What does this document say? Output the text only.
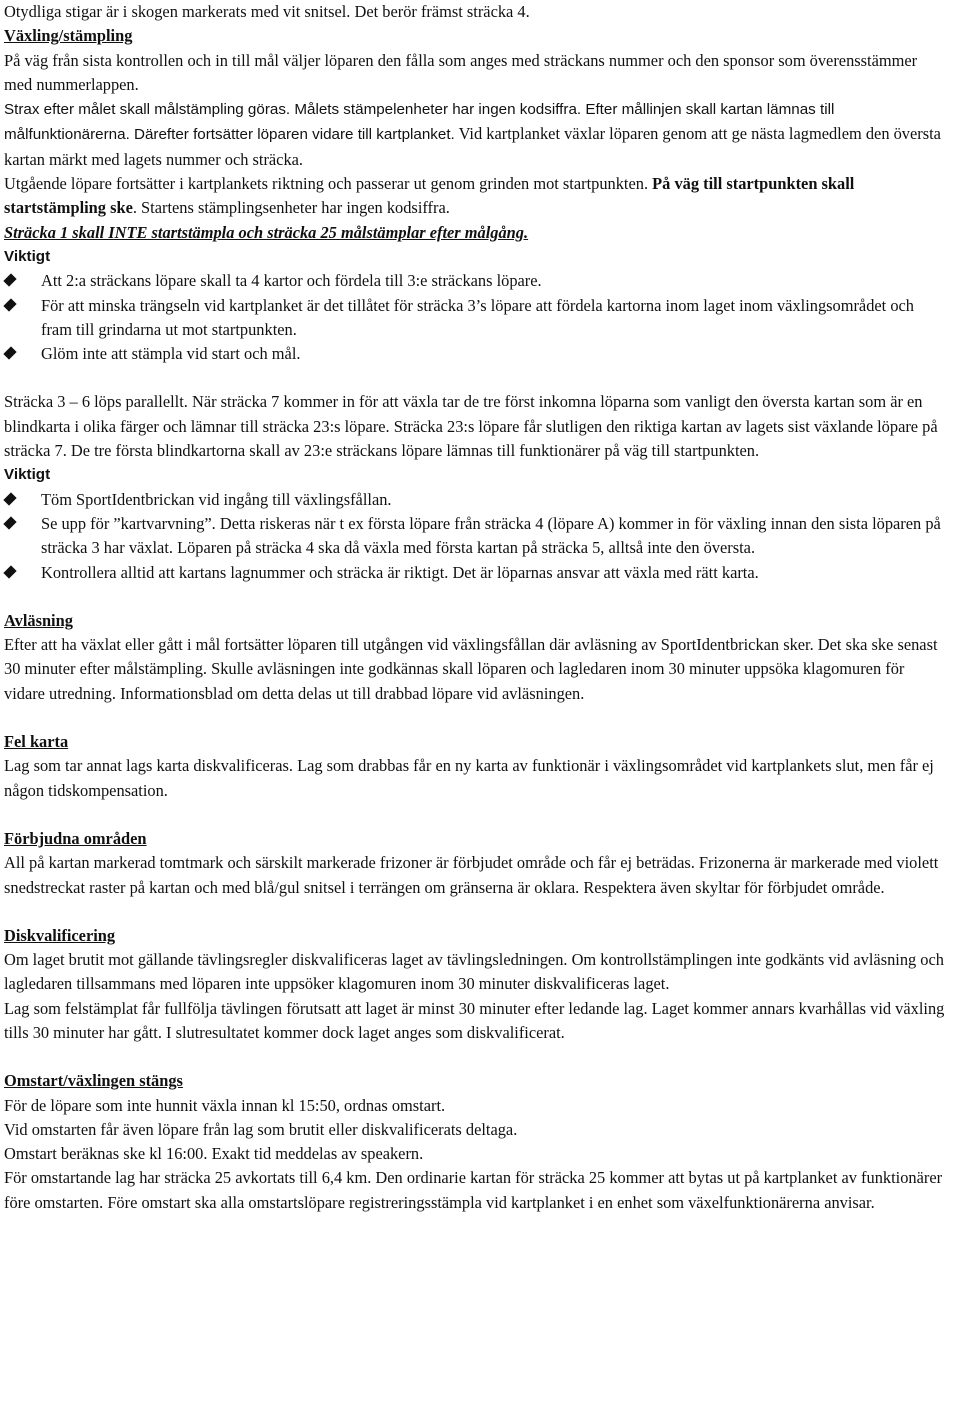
Otydliga stigar är i skogen markerats med vit snitsel. Det berör främst sträcka 4.

Växling/stämpling

På väg från sista kontrollen och in till mål väljer löparen den fålla som anges med sträckans nummer och den sponsor som överensstämmer med nummerlappen.

Strax efter målet skall målstämpling göras. Målets stämpelenheter har ingen kodsiffra. Efter mållinjen skall kartan lämnas till målfunktionärerna. Därefter fortsätter löparen vidare till kartplanket. Vid kartplanket växlar löparen genom att ge nästa lagmedlem den översta kartan märkt med lagets nummer och sträcka.

Utgående löpare fortsätter i kartplankets riktning och passerar ut genom grinden mot startpunkten. På väg till startpunkten skall startstämpling ske. Startens stämplingsenheter har ingen kodsiffra.

Sträcka 1 skall INTE startstämpla och sträcka 25 målstämplar efter målgång.

Viktigt

Att 2:a sträckans löpare skall ta 4 kartor och fördela till 3:e sträckans löpare.
För att minska trängseln vid kartplanket är det tillåtet för sträcka 3’s löpare att fördela kartorna inom laget inom växlingsområdet och fram till grindarna ut mot startpunkten.
Glöm inte att stämpla vid start och mål.

Sträcka 3 – 6 löps parallellt. När sträcka 7 kommer in för att växla tar de tre först inkomna löparna som vanligt den översta kartan som är en blindkarta i olika färger och lämnar till sträcka 23:s löpare. Sträcka 23:s löpare får slutligen den riktiga kartan av lagets sist växlande löpare på sträcka 7. De tre första blindkartorna skall av 23:e sträckans löpare lämnas till funktionärer på väg till startpunkten.

Viktigt

Töm SportIdentbrickan vid ingång till växlingsfållan.
Se upp för ”kartvarvning”. Detta riskeras när t ex första löpare från sträcka 4 (löpare A) kommer in för växling innan den sista löparen på sträcka 3 har växlat. Löparen på sträcka 4 ska då växla med första kartan på sträcka 5, alltså inte den översta.
Kontrollera alltid att kartans lagnummer och sträcka är riktigt. Det är löparnas ansvar att växla med rätt karta.

Avläsning

Efter att ha växlat eller gått i mål fortsätter löparen till utgången vid växlingsfållan där avläsning av SportIdentbrickan sker. Det ska ske senast 30 minuter efter målstämpling. Skulle avläsningen inte godkännas skall löparen och lagledaren inom 30 minuter uppsöka klagomuren för vidare utredning. Informationsblad om detta delas ut till drabbad löpare vid avläsningen.

Fel karta

Lag som tar annat lags karta diskvalificeras. Lag som drabbas får en ny karta av funktionär i växlingsområdet vid kartplankets slut, men får ej någon tidskompensation.

Förbjudna områden

All på kartan markerad tomtmark och särskilt markerade frizoner är förbjudet område och får ej beträdas. Frizonerna är markerade med violett snedstreckat raster på kartan och med blå/gul snitsel i terrängen om gränserna är oklara. Respektera även skyltar för förbjudet område.

Diskvalificering

Om laget brutit mot gällande tävlingsregler diskvalificeras laget av tävlingsledningen. Om kontrollstämplingen inte godkänts vid avläsning och lagledaren tillsammans med löparen inte uppsöker klagomuren inom 30 minuter diskvalificeras laget.

Lag som felstämplat får fullfölja tävlingen förutsatt att laget är minst 30 minuter efter ledande lag. Laget kommer annars kvarhållas vid växling tills 30 minuter har gått. I slutresultatet kommer dock laget anges som diskvalificerat.

Omstart/växlingen stängs

För de löpare som inte hunnit växla innan kl 15:50, ordnas omstart.

Vid omstarten får även löpare från lag som brutit eller diskvalificerats deltaga.

Omstart beräknas ske kl 16:00. Exakt tid meddelas av speakern.

För omstartande lag har sträcka 25 avkortats till 6,4 km. Den ordinarie kartan för sträcka 25 kommer att bytas ut på kartplanket av funktionärer före omstarten. Före omstart ska alla omstartslöpare registreringsstämpla vid kartplanket i en enhet som växelfunktionärerna anvisar.
